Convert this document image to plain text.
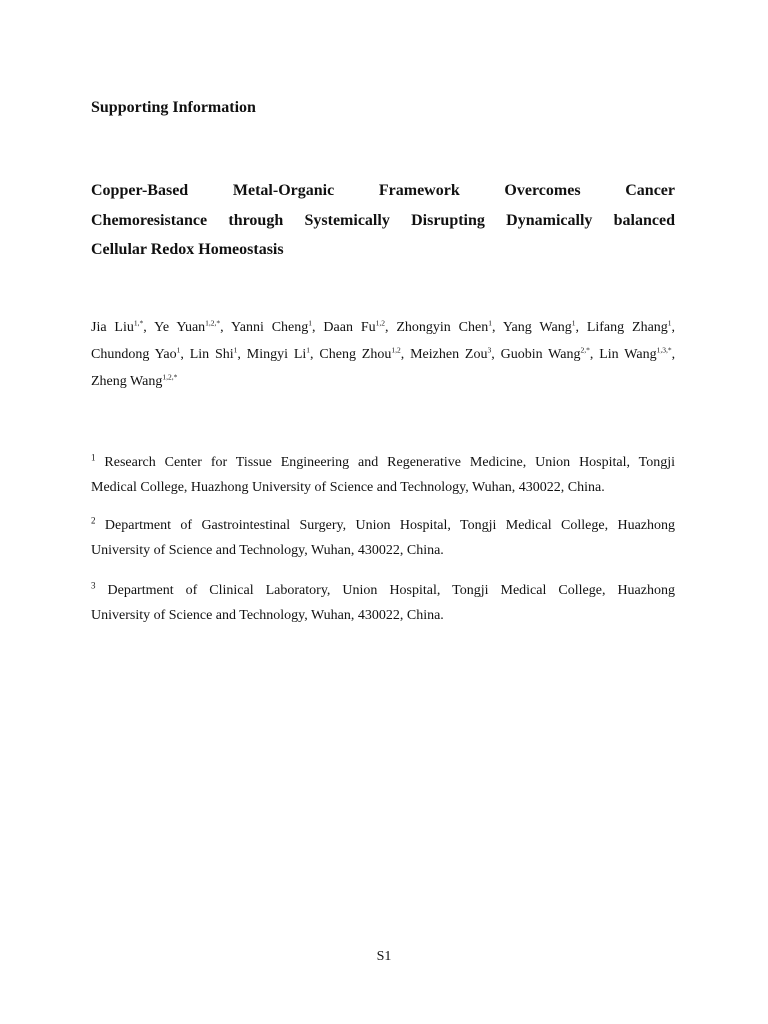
Supporting Information
Copper-Based Metal-Organic Framework Overcomes Cancer
Chemoresistance through Systemically Disrupting Dynamically balanced
Cellular Redox Homeostasis
Jia Liu$^{1,*}$, Ye Yuan$^{1,2,*}$, Yanni Cheng$^1$, Daan Fu$^{1,2}$, Zhongyin Chen$^1$, Yang Wang$^1$, Lifang Zhang$^1$,
Chundong Yao$^1$, Lin Shi$^1$, Mingyi Li$^1$, Cheng Zhou$^{1,2}$, Meizhen Zou$^3$, Guobin Wang$^{2,*}$, Lin Wang$^{1,3,*}$,
Zheng Wang$^{1,2,*}$
$^1$ Research Center for Tissue Engineering and Regenerative Medicine, Union Hospital, Tongji
Medical College, Huazhong University of Science and Technology, Wuhan, 430022, China.
$^2$ Department of Gastrointestinal Surgery, Union Hospital, Tongji Medical College, Huazhong
University of Science and Technology, Wuhan, 430022, China.
$^3$ Department of Clinical Laboratory, Union Hospital, Tongji Medical College, Huazhong
University of Science and Technology, Wuhan, 430022, China.
S1
